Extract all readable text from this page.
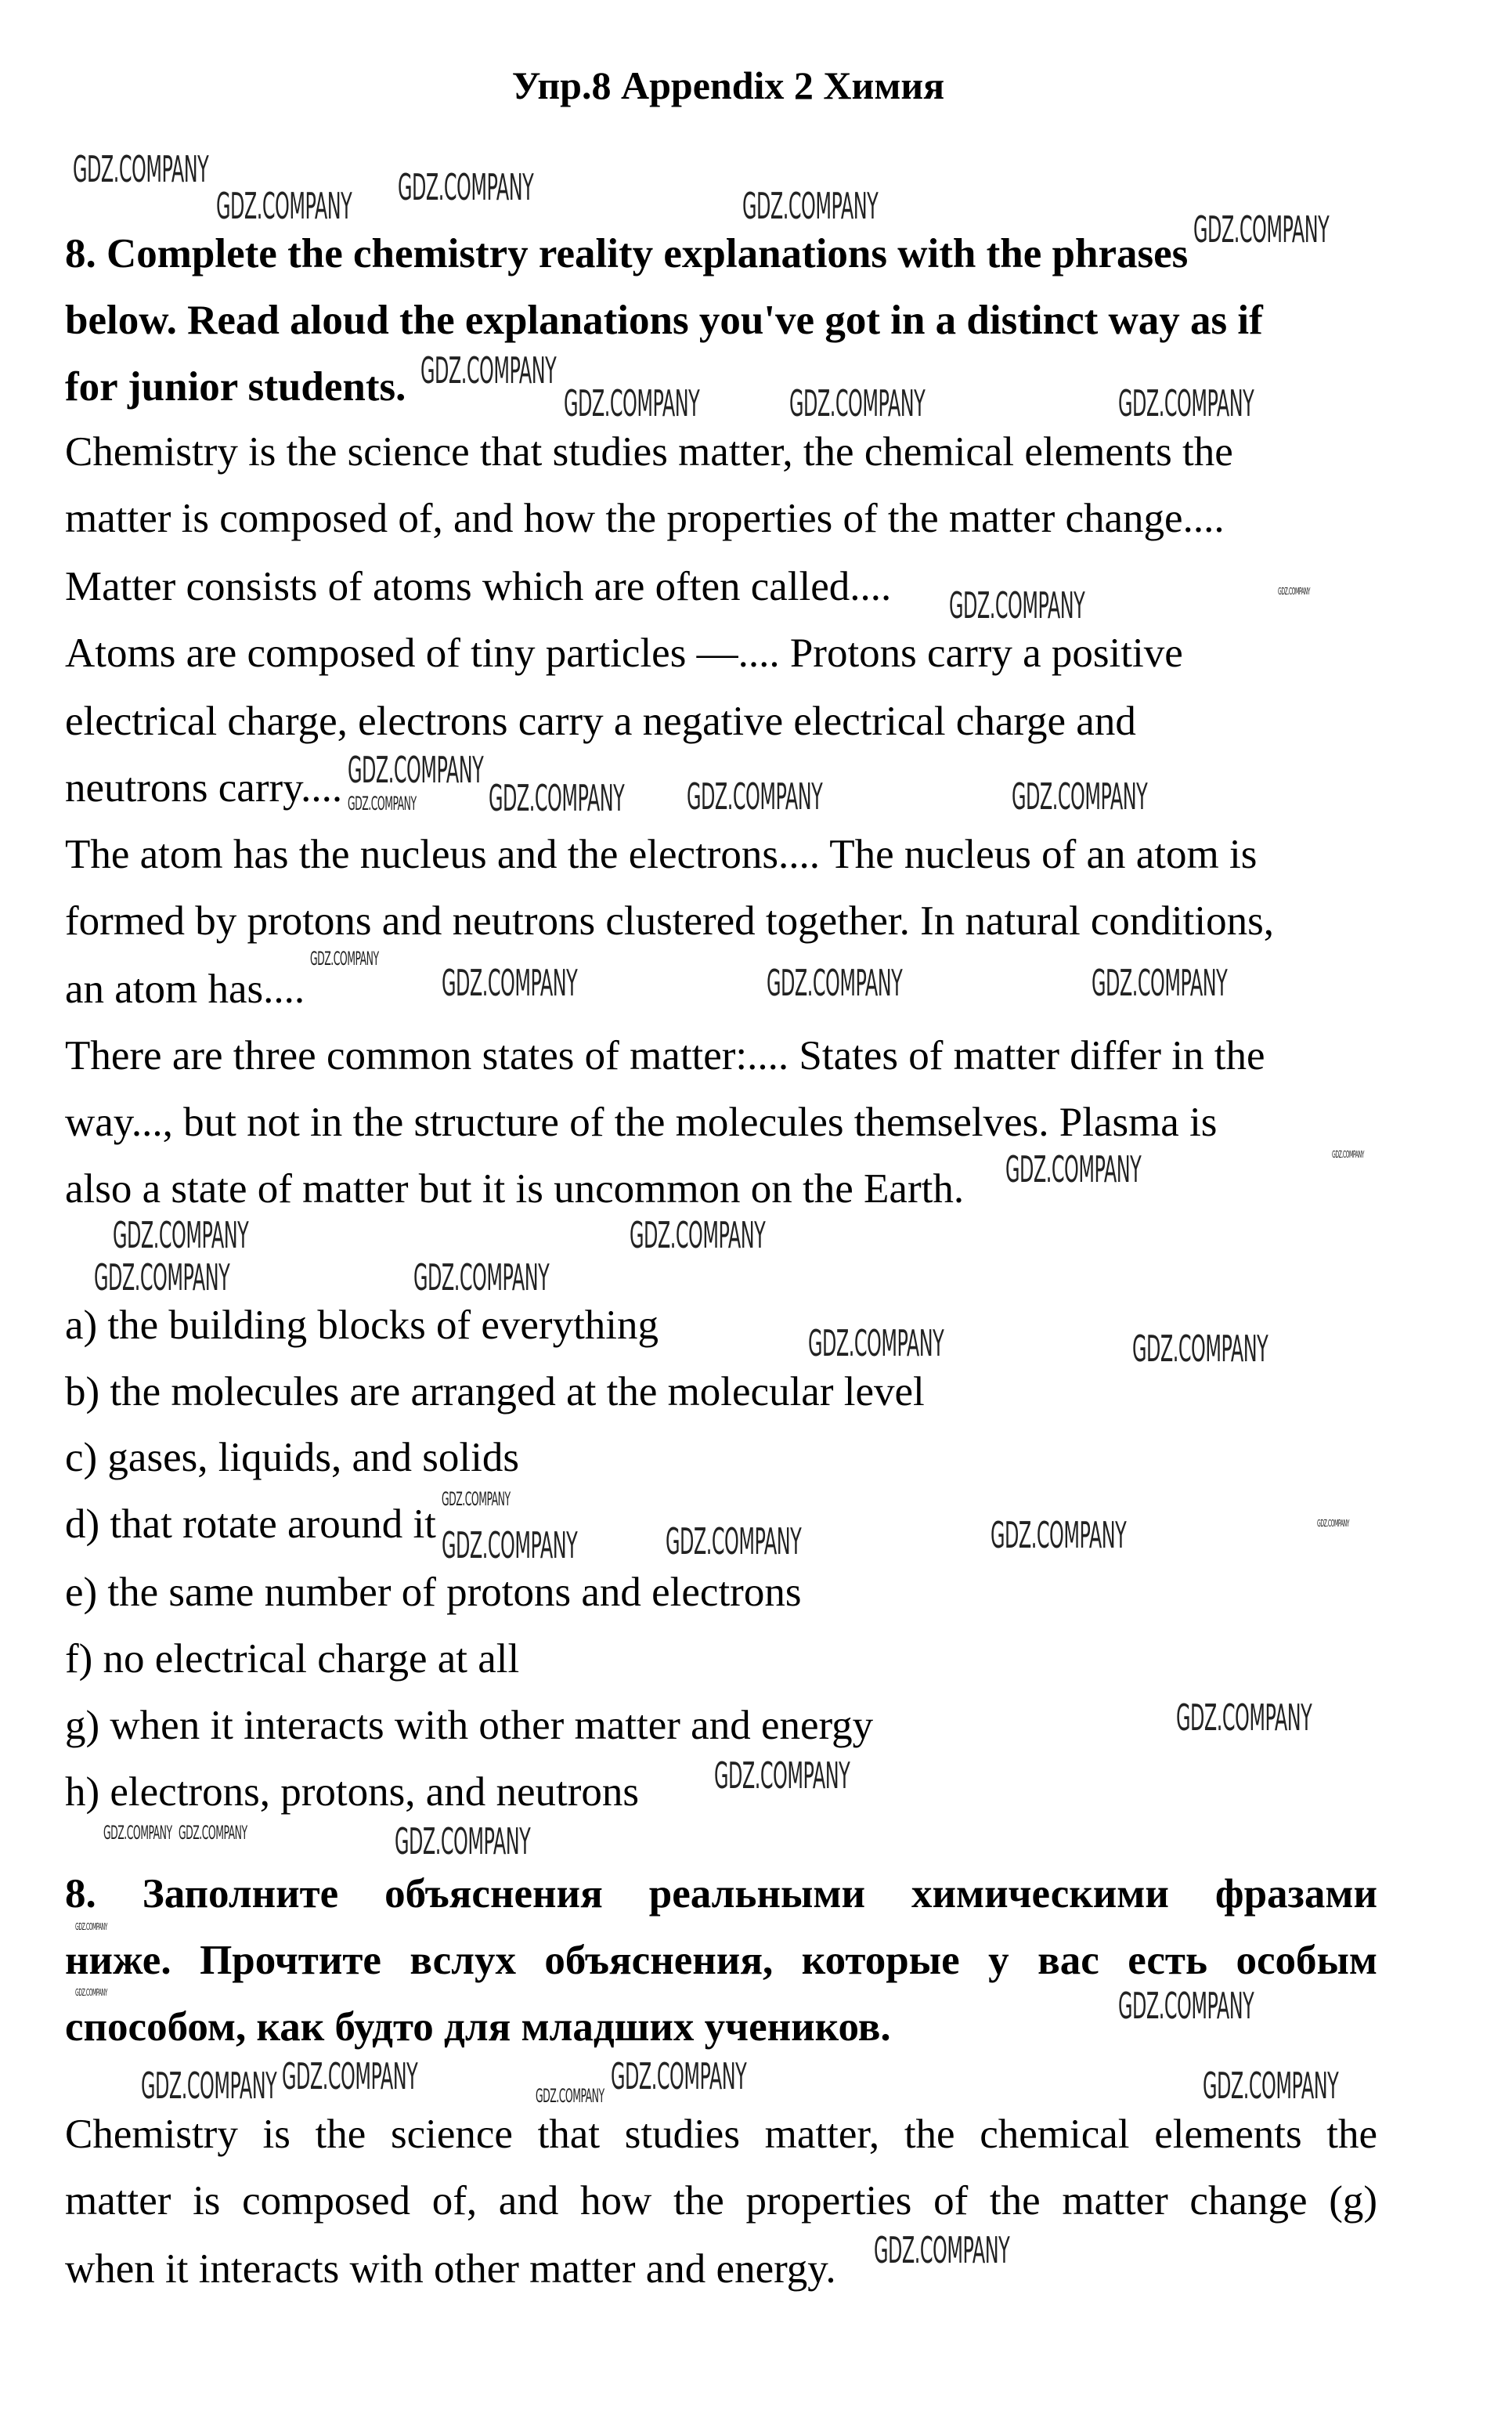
Упр.8 Appendix 2 Химия
8. Complete the chemistry reality explanations with the phrases
below. Read aloud the explanations you've got in a distinct way as if
for junior students.
Chemistry is the science that studies matter, the chemical elements the
matter is composed of, and how the properties of the matter change....
Matter consists of atoms which are often called....
Atoms are composed of tiny particles —.... Protons carry a positive
electrical charge, electrons carry a negative electrical charge and
neutrons carry....
The atom has the nucleus and the electrons.... The nucleus of an atom is
formed by protons and neutrons clustered together. In natural conditions,
an atom has....
There are three common states of matter:.... States of matter differ in the
way..., but not in the structure of the molecules themselves. Plasma is
also a state of matter but it is uncommon on the Earth.
a) the building blocks of everything
b) the molecules are arranged at the molecular level
c) gases, liquids, and solids
d) that rotate around it
e) the same number of protons and electrons
f) no electrical charge at all
g) when it interacts with other matter and energy
h) electrons, protons, and neutrons
8. Заполните объяснения реальными химическими фразами
ниже. Прочтите вслух объяснения, которые у вас есть особым
способом, как будто для младших учеников.
Chemistry is the science that studies matter, the chemical elements the
matter is composed of, and how the properties of the matter change (g)
when it interacts with other matter and energy.
GDZ.COMPANY	GDZ.COMPANY	GDZ.COMPANY
GDZ.COMPANY
GDZ.COMPANY
GDZ.COMPANY
GDZ.COMPANY	GDZ.COMPANY
GDZ.COMPANY
GDZ.COMPANY
GDZ.COMPANY	GDZ.COMPANY
GDZ.COMPANY GDZ.COMPANY GDZ.COMPANY	GDZ.COMPANY
GDZ.COMPANY
GDZ.COMPANY	GDZ.COMPANY	GDZ.COMPANY
GDZ.COMPANY	GDZ.COMPANY
GDZ.COMPANY	GDZ.COMPANY
GDZ.COMPANY	GDZ.COMPANY
GDZ.COMPANY	GDZ.COMPANY
GDZ.COMPANY
GDZ.COMPANY GDZ.COMPANY	GDZ.COMPANY	GDZ.COMPANY
GDZ.COMPANY
GDZ.COMPANY
GDZ.COMPANY	GDZ.COMPANY
GDZ.COMPANY
GDZ.COMPANY
GDZ.COMPANY
GDZ.COMPANY
GDZ.COMPANY	GDZ.COMPANY	GDZ.COMPANY
GDZ.COMPANY	GDZ.COMPANY
GDZ.COMPANY
